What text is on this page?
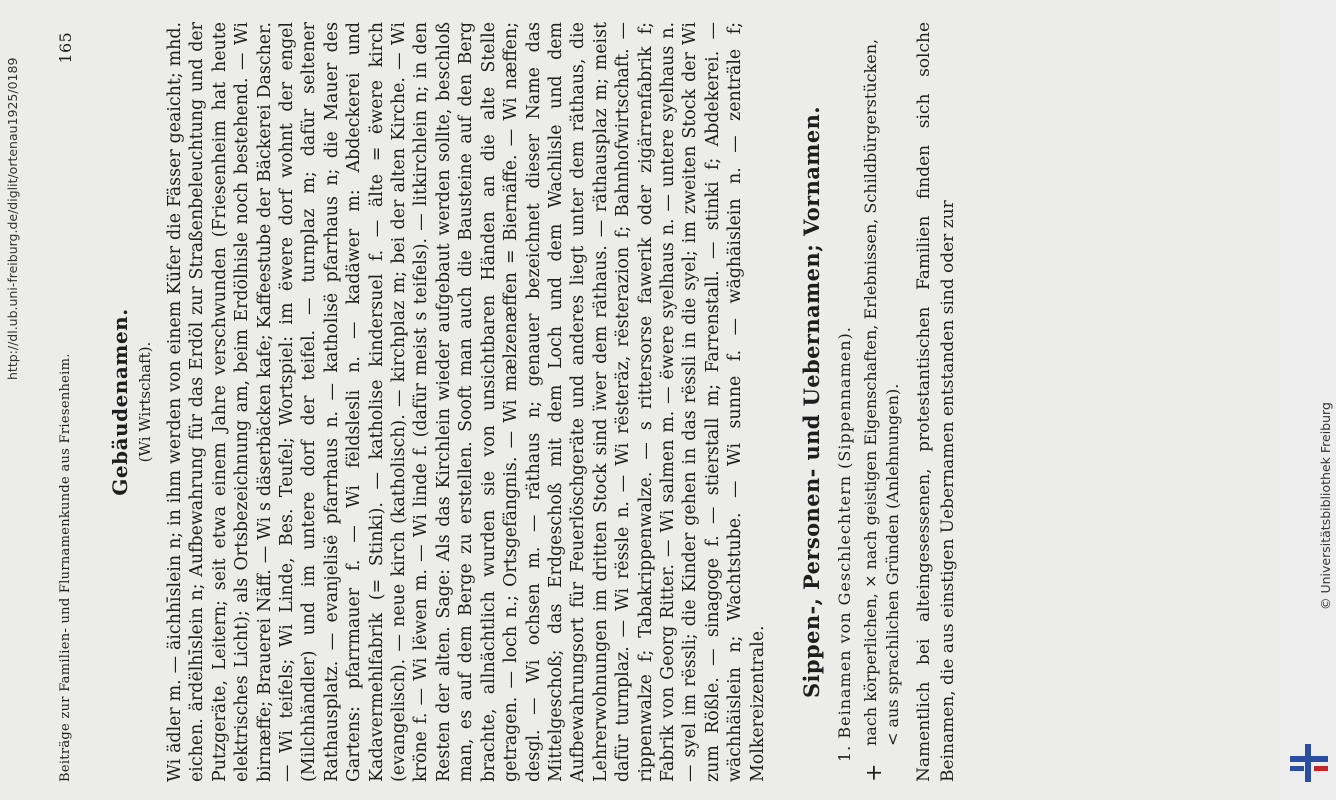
Beiträge zur Familien- und Flurnamenkunde aus Friesenheim.
165
Gebäudenamen. (Wi Wirtschaft). Wi ädler m. — äichhīslein n; in ihm werden von einem Küfer die Fässer geaicht; mhd. eichen. ärdëlhīslein n; Aufbewahrung für das Erdöl zur Straßenbeleuchtung und der Putzgeräte, Leitern; seit etwa einem Jahre verschwunden (Friesenheim hat heute elektrisches Licht); als Ortsbezeichnung am, beim Erdölhisle noch bestehend. — Wi birnæffe; Brauerei Näff. — Wi s däserbäcken kafe; Kaffeestube der Bäckerei Dascher. — Wi teifels; Wi Linde, Bes. Teufel; Wortspiel: im ëwere dorf wohnt der engel (Milchhändler) und im untere dorf der teifel. — turnplaz m; dafür seltener Rathausplatz. — evanjelisë pfarrhaus n. — katholisë pfarrhaus n; die Mauer des Gartens: pfarrmauer f. — Wi fëldslesli n. — kadäwer m: Abdeckerei und Kadavermehlfabrik (= Stinki). — katholise kindersuel f. — älte = ëwere kirch (evangelisch). — neue kirch (katholisch). — kirchplaz m; bei der alten Kirche. — Wi kröne f. — Wi lëwen m. — Wi linde f. (dafür meist s teifels). — litkirchlein n; in den Resten der alten. Sage: Als das Kirchlein wieder aufgebaut werden sollte, beschloß man, es auf dem Berge zu erstellen. Sooft man auch die Bausteine auf den Berg brachte, allnächtlich wurden sie von unsichtbaren Händen an die alte Stelle getragen. — loch n.; Ortsgefängnis. — Wi mælzenæffen = Biernäffe. — Wi næffen; desgl. — Wi ochsen m. — räthaus n; genauer bezeichnet dieser Name das Mittelgeschoß; das Erdgeschoß mit dem Loch und dem Wachlisle und dem Aufbewahrungsort für Feuerlöschgeräte und anderes liegt unter dem räthaus, die Lehrerwohnungen im dritten Stock sind ïwer dem räthaus. — räthausplaz m; meist dafür turnplaz. — Wi rëssle n. — Wi rësteräz, rësterazion f; Bahnhofwirtschaft. — rippenwalze f; Tabakrippenwalze. — s rittersorse fawerik oder zigärrenfabrik f; Fabrik von Georg Ritter. — Wi salmen m. — ëwere syelhaus n. — untere syelhaus n. — syel im rëssli; die Kinder gehen in das rëssli in die syel; im zweiten Stock der Wi zum Rößle. — sinagoge f. — stierstall m; Farrenstall. — stinki f; Abdekerei. — wächhäislein n; Wachtstube. — Wi sunne f. — wäghäislein n. — zenträle f; Molkereizentrale.

Sippen-, Personen- und Uebernamen; Vornamen. 1. Beinamen von Geschlechtern (Sippennamen).
+
nach körperlichen, × nach geistigen Eigenschaften, Erlebnissen, Schildbürgerstücken, < aus sprachlichen Gründen (Anlehnungen). Namentlich bei alteingesessenen, protestantischen Familien finden sich solche Beinamen, die aus einstigen Uebernamen entstanden sind oder zur

http://dl.ub.uni-freiburg.de/diglit/ortenau1925/0189
© Universitätsbibliothek Freiburg
